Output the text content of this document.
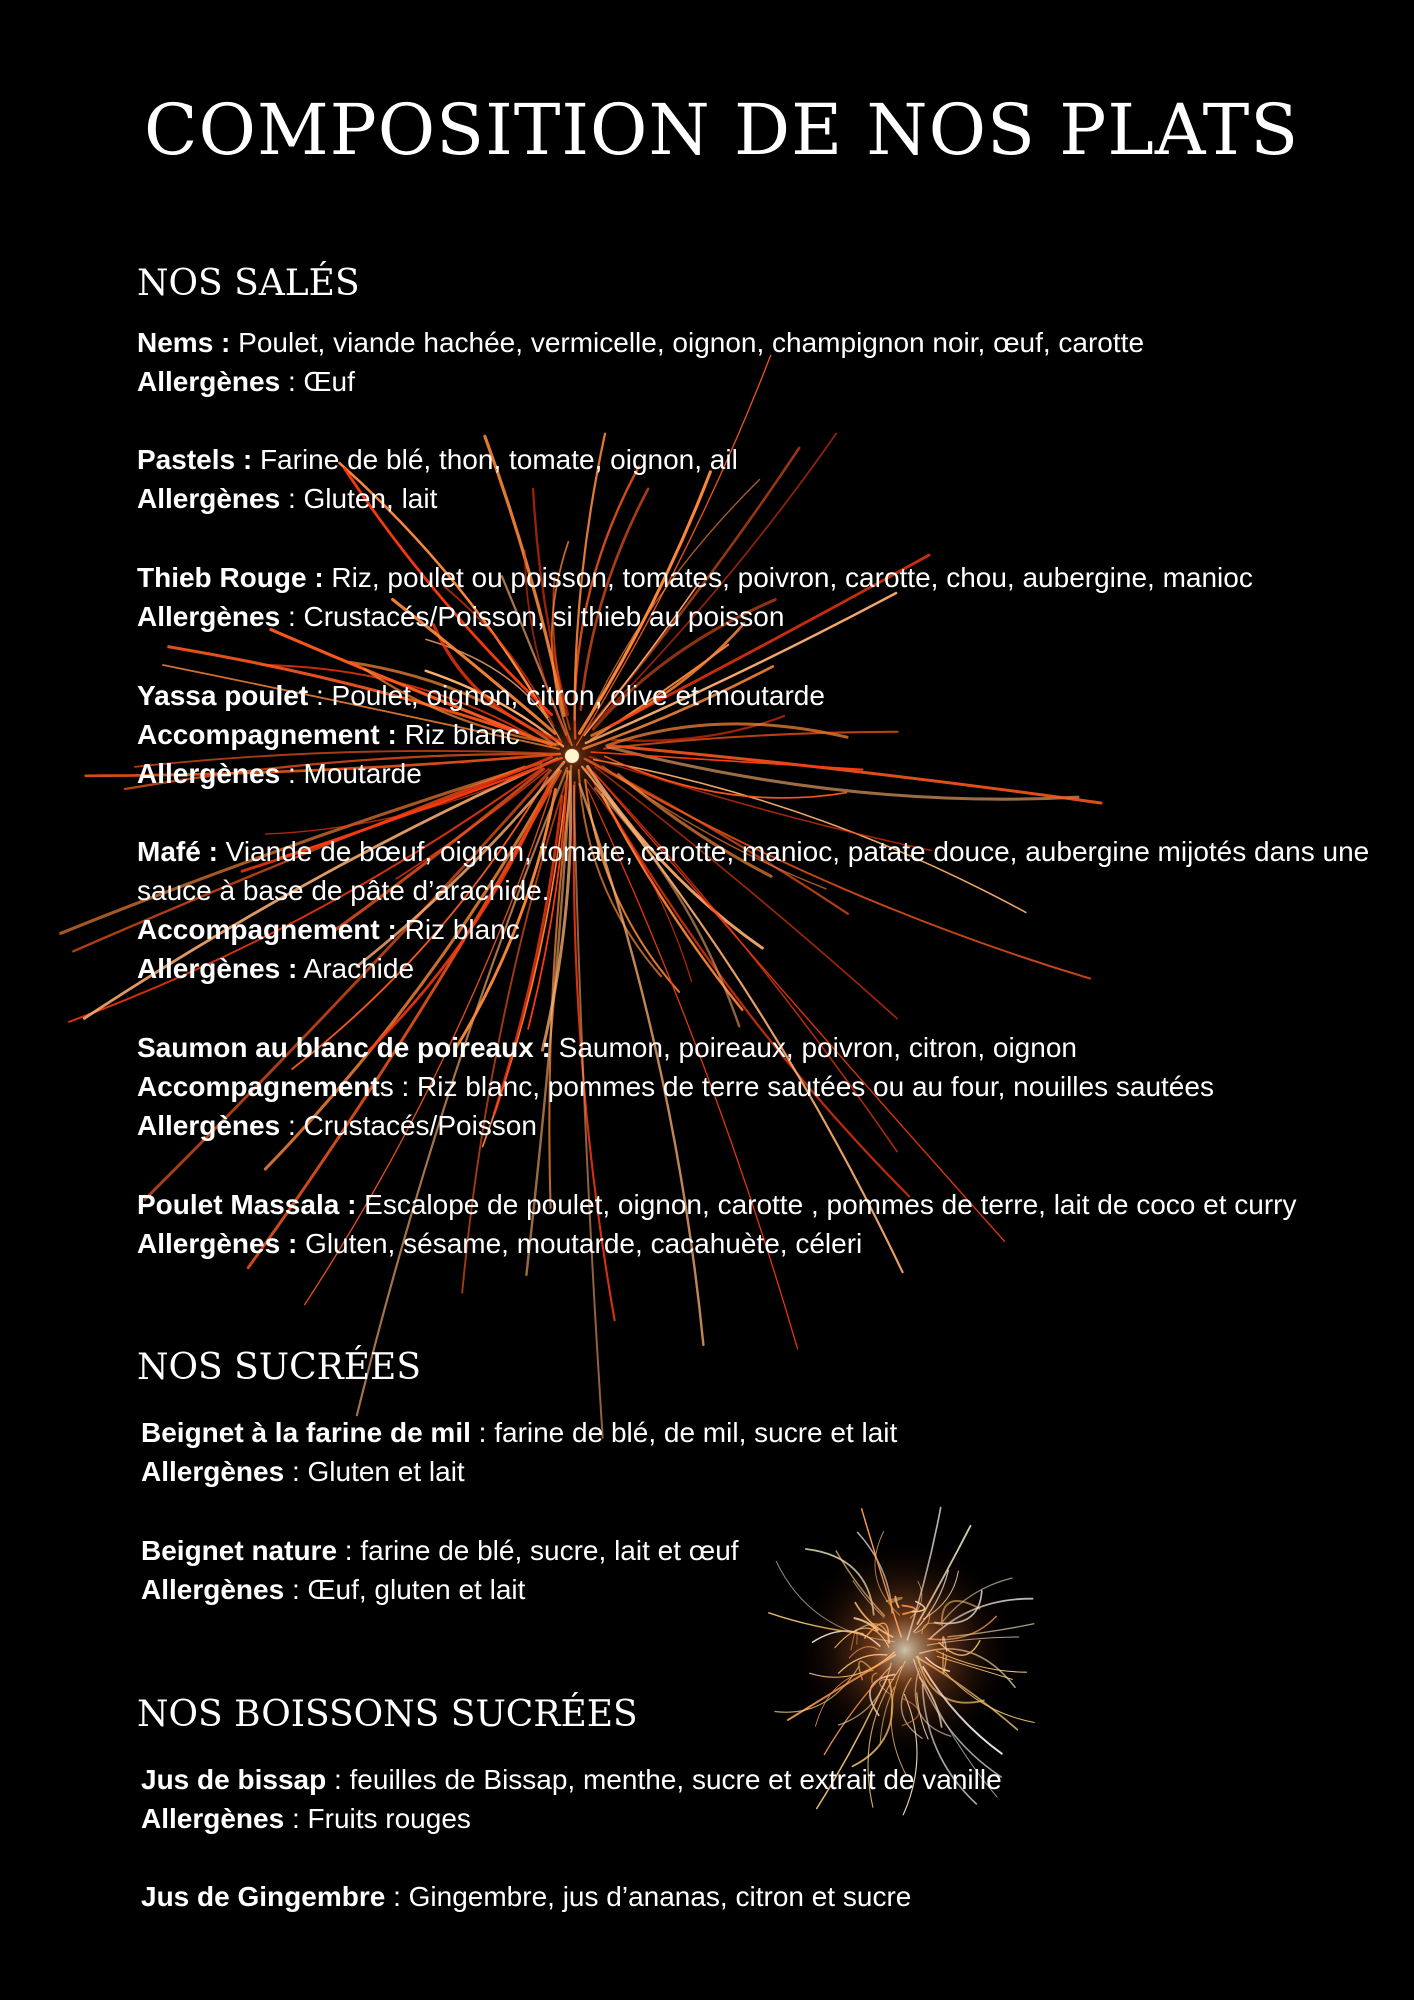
COMPOSITION DE NOS PLATS
NOS SALÉS
Nems : Poulet, viande hachée, vermicelle, oignon, champignon noir, œuf, carotte
Allergènes : Œuf
Pastels : Farine de blé, thon, tomate, oignon, ail
Allergènes : Gluten, lait
Thieb Rouge : Riz, poulet ou poisson, tomates, poivron, carotte, chou, aubergine, manioc
Allergènes : Crustacés/Poisson, si thieb au poisson
Yassa poulet : Poulet, oignon, citron, olive et moutarde
Accompagnement : Riz blanc
Allergènes : Moutarde
Mafé : Viande de bœuf, oignon, tomate, carotte, manioc, patate douce, aubergine mijotés dans une sauce à base de pâte d’arachide.
Accompagnement : Riz blanc
Allergènes : Arachide
Saumon au blanc de poireaux : Saumon, poireaux, poivron, citron, oignon
Accompagnements : Riz blanc, pommes de terre sautées ou au four, nouilles sautées
Allergènes : Crustacés/Poisson
Poulet Massala : Escalope de poulet, oignon, carotte , pommes de terre, lait de coco et curry
Allergènes : Gluten, sésame, moutarde, cacahuète, céleri
NOS SUCRÉES
Beignet à la farine de mil : farine de blé, de mil, sucre et lait
Allergènes : Gluten et lait
Beignet nature : farine de blé, sucre, lait et œuf
Allergènes : Œuf, gluten et lait
NOS BOISSONS SUCRÉES
Jus de bissap : feuilles de Bissap, menthe, sucre et extrait de vanille
Allergènes : Fruits rouges
Jus de Gingembre : Gingembre, jus d’ananas, citron et sucre
